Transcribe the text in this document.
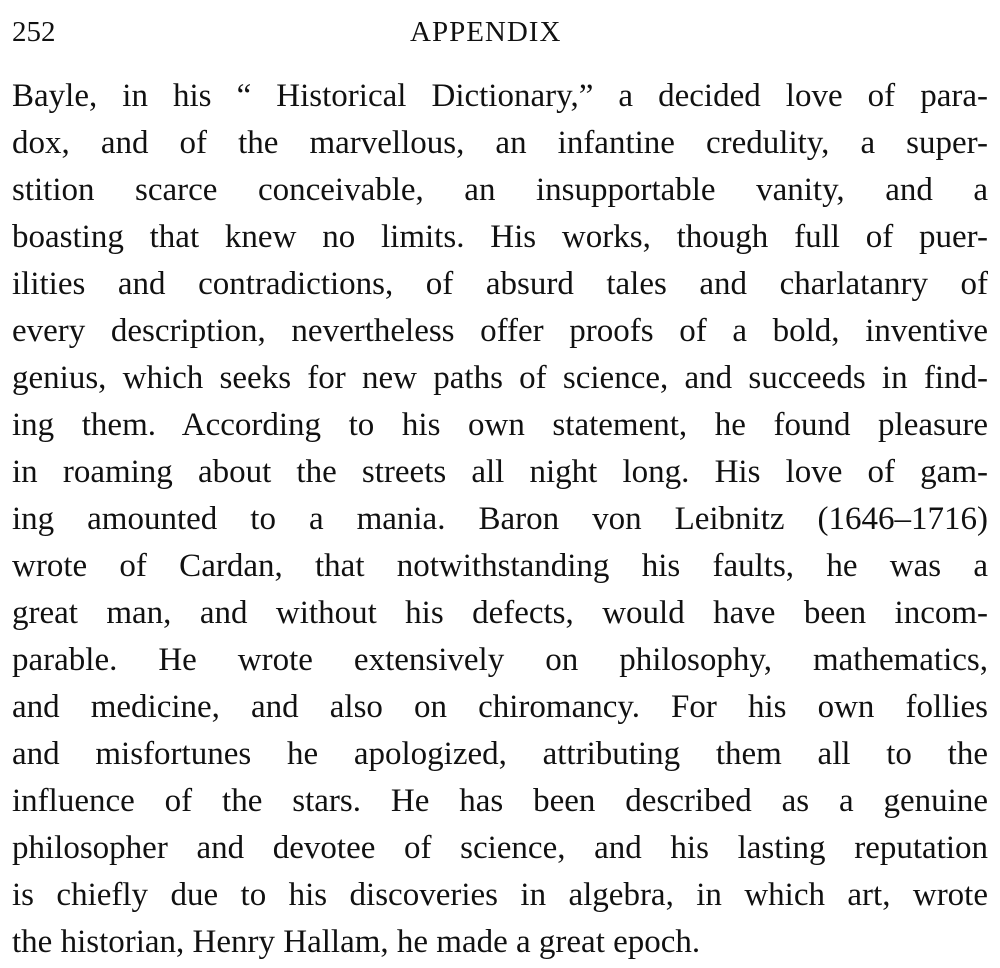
252	APPENDIX
Bayle, in his “ Historical Dictionary,” a decided love of para-
dox, and of the marvellous, an infantine credulity, a super-
stition scarce conceivable, an insupportable vanity, and a
boasting that knew no limits. His works, though full of puer-
ilities and contradictions, of absurd tales and charlatanry of
every description, nevertheless offer proofs of a bold, inventive
genius, which seeks for new paths of science, and succeeds in find-
ing them. According to his own statement, he found pleasure
in roaming about the streets all night long. His love of gam-
ing amounted to a mania. Baron von Leibnitz (1646–1716)
wrote of Cardan, that notwithstanding his faults, he was a
great man, and without his defects, would have been incom-
parable. He wrote extensively on philosophy, mathematics,
and medicine, and also on chiromancy. For his own follies
and misfortunes he apologized, attributing them all to the
influence of the stars. He has been described as a genuine
philosopher and devotee of science, and his lasting reputation
is chiefly due to his discoveries in algebra, in which art, wrote
the historian, Henry Hallam, he made a great epoch.
